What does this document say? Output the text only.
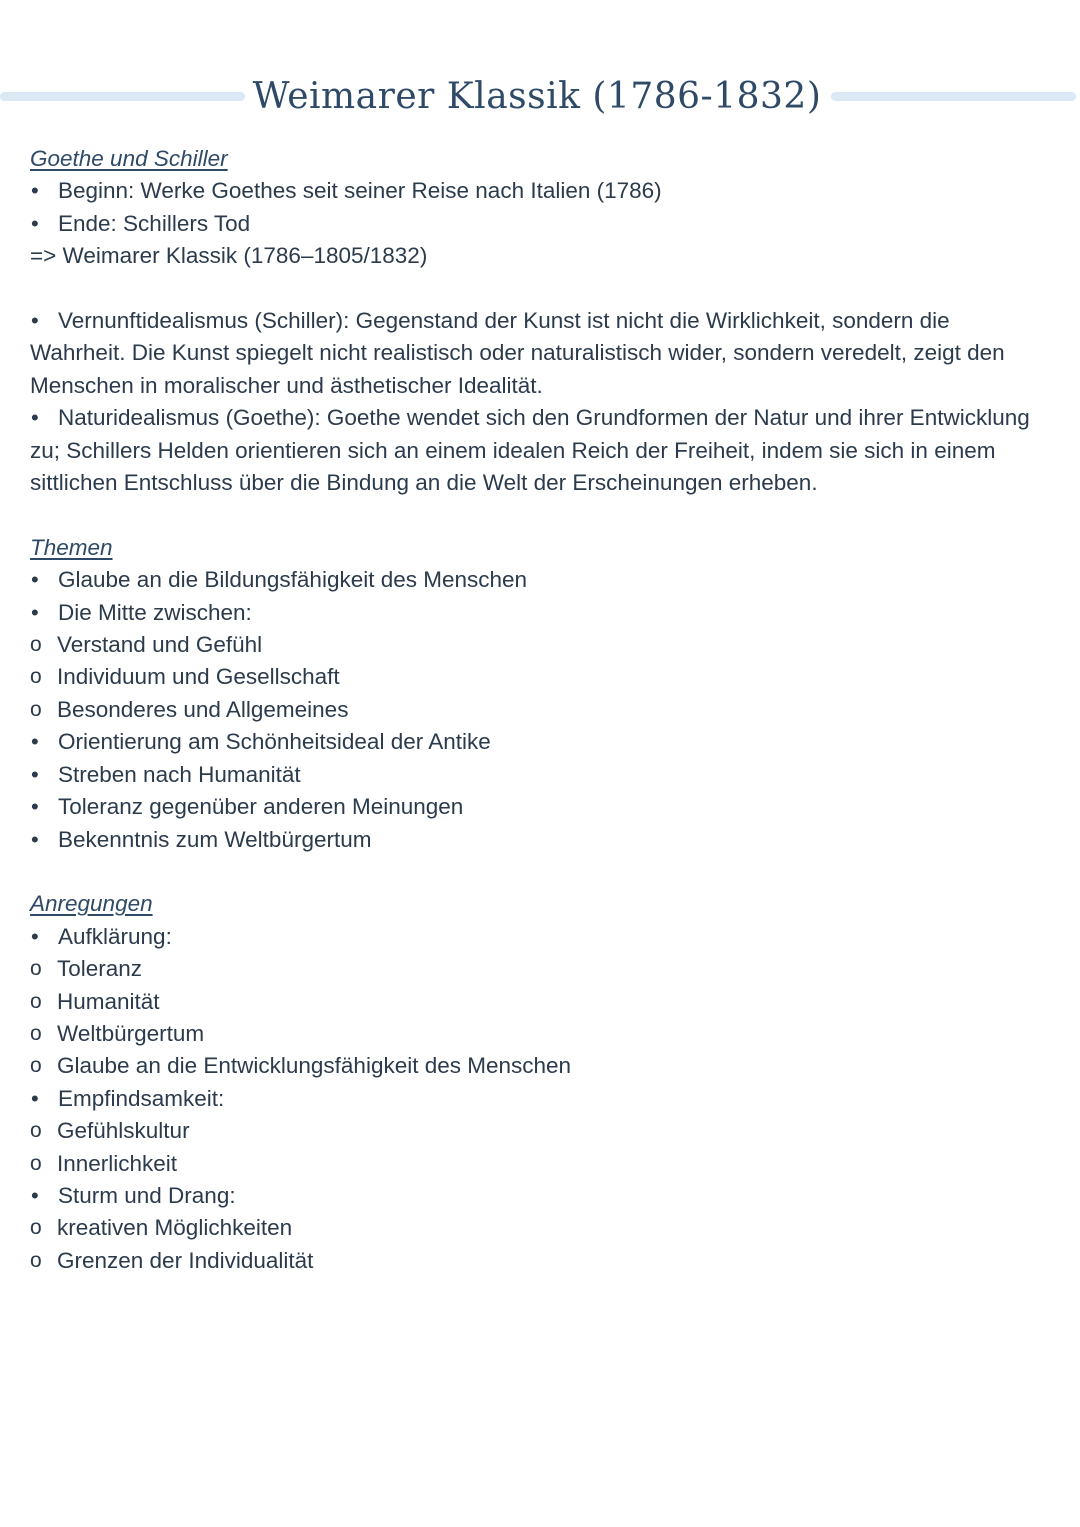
Weimarer Klassik (1786-1832)
Goethe und Schiller
• Beginn: Werke Goethes seit seiner Reise nach Italien (1786)
• Ende: Schillers Tod
=> Weimarer Klassik (1786–1805/1832)

• Vernunftidealismus (Schiller): Gegenstand der Kunst ist nicht die Wirklichkeit, sondern die Wahrheit. Die Kunst spiegelt nicht realistisch oder naturalistisch wider, sondern veredelt, zeigt den Menschen in moralischer und ästhetischer Idealität.

• Naturidealismus (Goethe): Goethe wendet sich den Grundformen der Natur und ihrer Entwicklung zu; Schillers Helden orientieren sich an einem idealen Reich der Freiheit, indem sie sich in einem sittlichen Entschluss über die Bindung an die Welt der Erscheinungen erheben.

Themen
• Glaube an die Bildungsfähigkeit des Menschen
• Die Mitte zwischen:
o Verstand und Gefühl
o Individuum und Gesellschaft
o Besonderes und Allgemeines
• Orientierung am Schönheitsideal der Antike
• Streben nach Humanität
• Toleranz gegenüber anderen Meinungen
• Bekenntnis zum Weltbürgertum
Anregungen
• Aufklärung:
o Toleranz
o Humanität
o Weltbürgertum
o Glaube an die Entwicklungsfähigkeit des Menschen
• Empfindsamkeit:
o Gefühlskultur
o Innerlichkeit
• Sturm und Drang:
o kreativen Möglichkeiten
o Grenzen der Individualität
